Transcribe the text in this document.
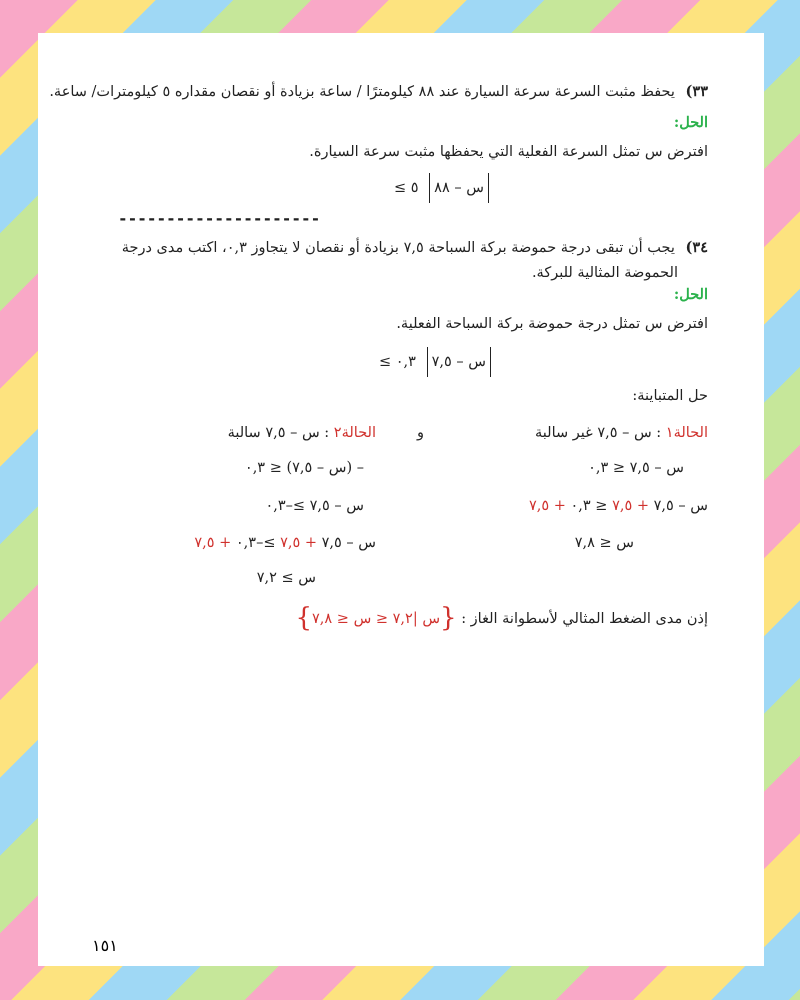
٣٣) يحفظ مثبت السرعة سرعة السيارة عند ٨٨ كيلومترًا / ساعة بزيادة أو نقصان مقداره ٥ كيلومترات/ ساعة.
الحل:
افترض س تمثل السرعة الفعلية التي يحفظها مثبت سرعة السيارة.
≤ ٥ س – ٨٨
---------------------
٣٤) يجب أن تبقى درجة حموضة بركة السباحة ٧,٥ بزيادة أو نقصان لا يتجاوز ٠,٣، اكتب مدى درجة
الحموضة المثالية للبركة.
الحل:
افترض س تمثل درجة حموضة بركة السباحة الفعلية.
≤ ٠,٣ س – ٧,٥
حل المتباينة:
الحالة١ : س – ٧,٥ غير سالبة
و
س – ٧,٥ ≤ ٠,٣
س – ٧,٥ + ٧,٥ ≤ ٠,٣ + ٧,٥
س ≤ ٧,٨
الحالة٢ : س – ٧,٥ سالبة
– (س – ٧,٥) ≤ ٠,٣
س – ٧,٥ ≥–٠,٣
س – ٧,٥ + ٧,٥ ≥–٠,٣ + ٧,٥
س ≥ ٧,٢
إذن مدى الضغط المثالي لأسطوانة الغاز : {س |٧,٢ ≤ س ≤ ٧,٨}
١٥١
